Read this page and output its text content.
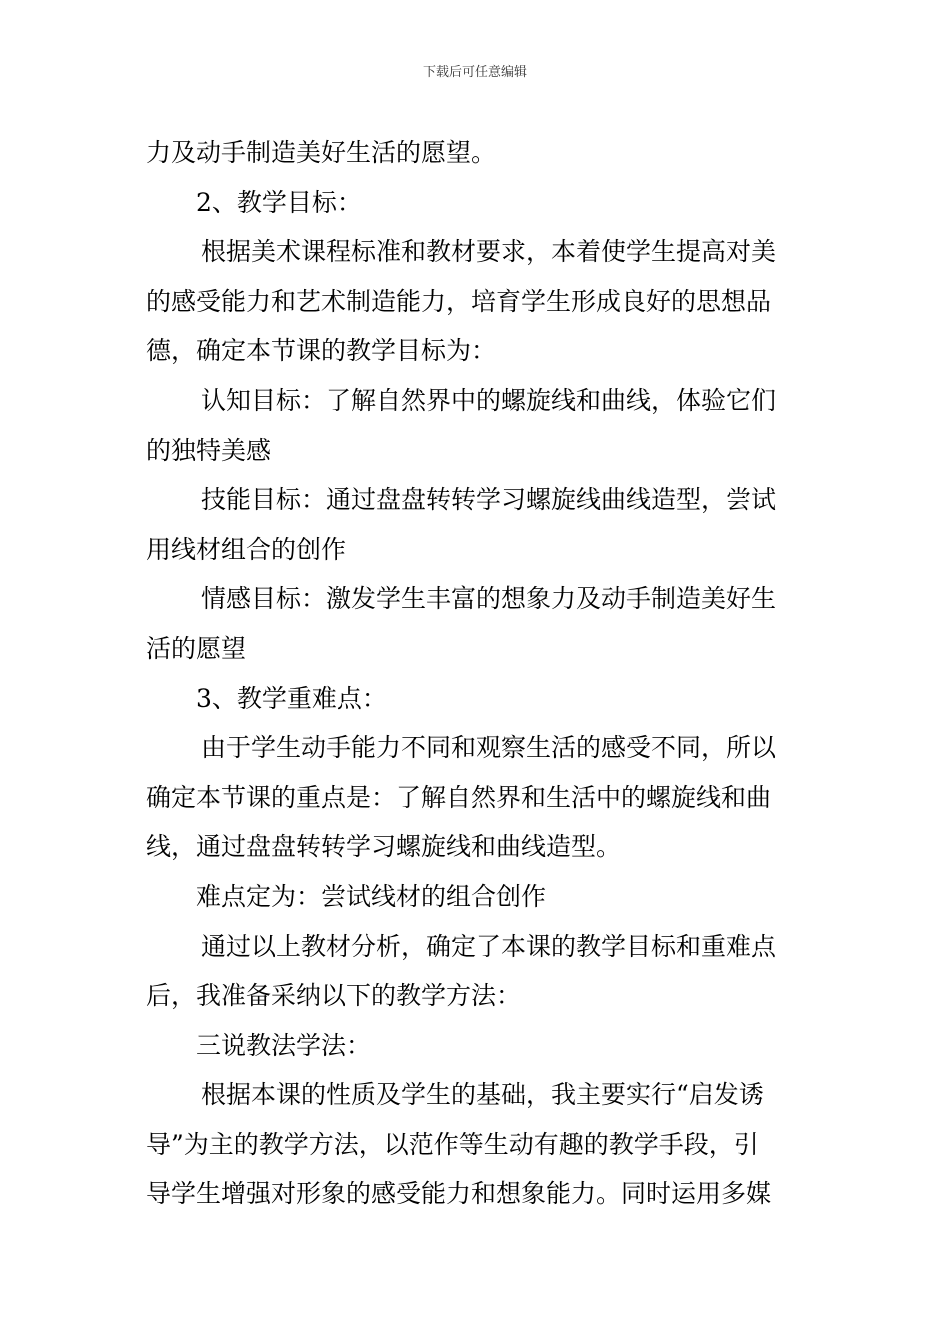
下载后可任意编辑
力及动手制造美好生活的愿望。
2、教学目标：
根据美术课程标准和教材要求，本着使学生提高对美
的感受能力和艺术制造能力，培育学生形成良好的思想品
德，确定本节课的教学目标为：
认知目标：了解自然界中的螺旋线和曲线，体验它们
的独特美感
技能目标：通过盘盘转转学习螺旋线曲线造型，尝试
用线材组合的创作
情感目标：激发学生丰富的想象力及动手制造美好生
活的愿望
3、教学重难点：
由于学生动手能力不同和观察生活的感受不同，所以
确定本节课的重点是：了解自然界和生活中的螺旋线和曲
线，通过盘盘转转学习螺旋线和曲线造型。
难点定为：尝试线材的组合创作
通过以上教材分析，确定了本课的教学目标和重难点
后，我准备采纳以下的教学方法：
三说教法学法：
根据本课的性质及学生的基础，我主要实行“启发诱
导”为主的教学方法，以范作等生动有趣的教学手段，引
导学生增强对形象的感受能力和想象能力。同时运用多媒
